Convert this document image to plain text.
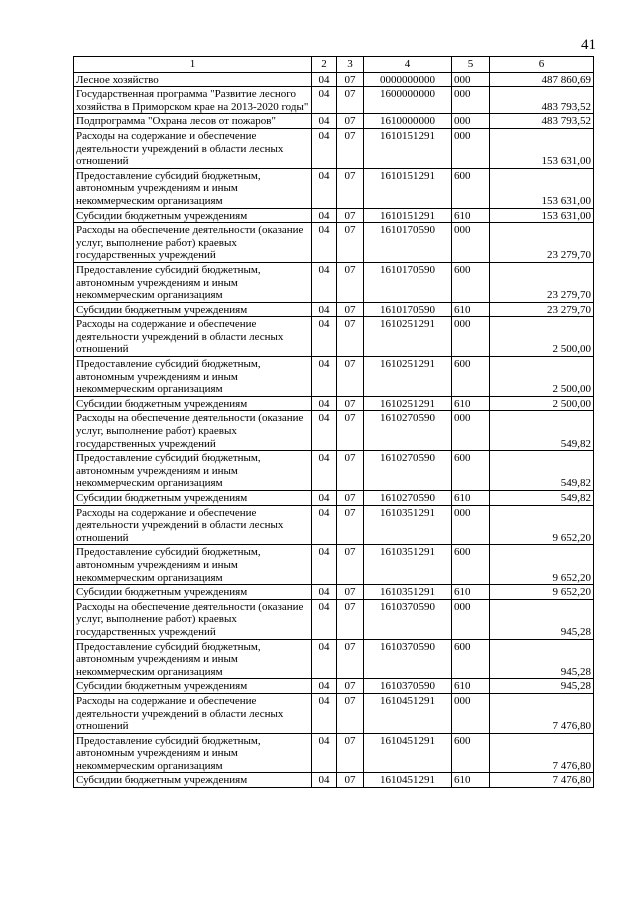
41
1	2	3	4	5	6
Лесное хозяйство	04	07	0000000000	000	487 860,69
Государственная программа "Развитие лесного хозяйства в Приморском крае на 2013-2020 годы"	04	07	1600000000	000	483 793,52
Подпрограмма "Охрана лесов от пожаров"	04	07	1610000000	000	483 793,52
Расходы на содержание и обеспечение деятельности учреждений в области лесных отношений	04	07	1610151291	000	153 631,00
Предоставление субсидий бюджетным, автономным учреждениям и иным некоммерческим организациям	04	07	1610151291	600	153 631,00
Субсидии бюджетным учреждениям	04	07	1610151291	610	153 631,00
Расходы на обеспечение деятельности (оказание услуг, выполнение работ) краевых государственных учреждений	04	07	1610170590	000	23 279,70
Предоставление субсидий бюджетным, автономным учреждениям и иным некоммерческим организациям	04	07	1610170590	600	23 279,70
Субсидии бюджетным учреждениям	04	07	1610170590	610	23 279,70
Расходы на содержание и обеспечение деятельности учреждений в области лесных отношений	04	07	1610251291	000	2 500,00
Предоставление субсидий бюджетным, автономным учреждениям и иным некоммерческим организациям	04	07	1610251291	600	2 500,00
Субсидии бюджетным учреждениям	04	07	1610251291	610	2 500,00
Расходы на обеспечение деятельности (оказание услуг, выполнение работ) краевых государственных учреждений	04	07	1610270590	000	549,82
Предоставление субсидий бюджетным, автономным учреждениям и иным некоммерческим организациям	04	07	1610270590	600	549,82
Субсидии бюджетным учреждениям	04	07	1610270590	610	549,82
Расходы на содержание и обеспечение деятельности учреждений в области лесных отношений	04	07	1610351291	000	9 652,20
Предоставление субсидий бюджетным, автономным учреждениям и иным некоммерческим организациям	04	07	1610351291	600	9 652,20
Субсидии бюджетным учреждениям	04	07	1610351291	610	9 652,20
Расходы на обеспечение деятельности (оказание услуг, выполнение работ) краевых государственных учреждений	04	07	1610370590	000	945,28
Предоставление субсидий бюджетным, автономным учреждениям и иным некоммерческим организациям	04	07	1610370590	600	945,28
Субсидии бюджетным учреждениям	04	07	1610370590	610	945,28
Расходы на содержание и обеспечение деятельности учреждений в области лесных отношений	04	07	1610451291	000	7 476,80
Предоставление субсидий бюджетным, автономным учреждениям и иным некоммерческим организациям	04	07	1610451291	600	7 476,80
Субсидии бюджетным учреждениям	04	07	1610451291	610	7 476,80
